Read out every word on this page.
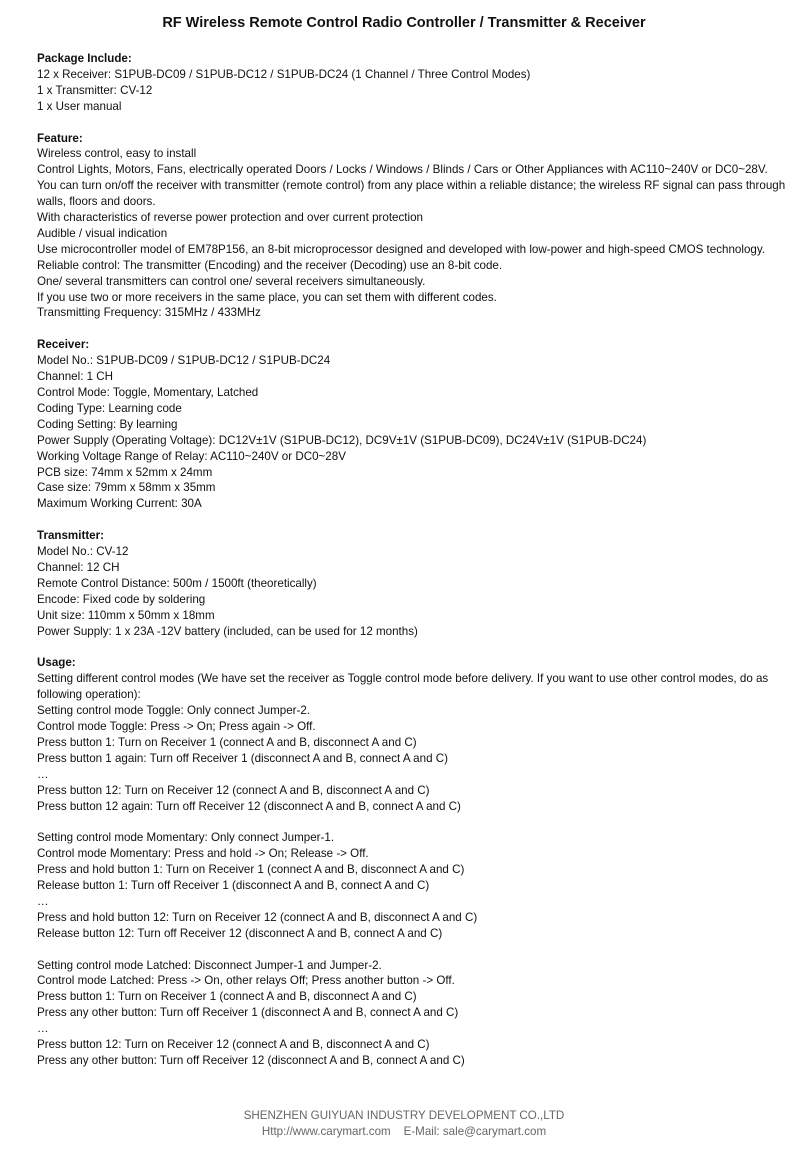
RF Wireless Remote Control Radio Controller / Transmitter & Receiver
Package Include:
12 x Receiver: S1PUB-DC09 / S1PUB-DC12 / S1PUB-DC24 (1 Channel / Three Control Modes)
1 x Transmitter: CV-12
1 x User manual
Feature:
Wireless control, easy to install
Control Lights, Motors, Fans, electrically operated Doors / Locks / Windows / Blinds / Cars or Other Appliances with AC110~240V or DC0~28V.
You can turn on/off the receiver with transmitter (remote control) from any place within a reliable distance; the wireless RF signal can pass through walls, floors and doors.
With characteristics of reverse power protection and over current protection
Audible / visual indication
Use microcontroller model of EM78P156, an 8-bit microprocessor designed and developed with low-power and high-speed CMOS technology.
Reliable control: The transmitter (Encoding) and the receiver (Decoding) use an 8-bit code.
One/ several transmitters can control one/ several receivers simultaneously.
If you use two or more receivers in the same place, you can set them with different codes.
Transmitting Frequency: 315MHz / 433MHz
Receiver:
Model No.: S1PUB-DC09 / S1PUB-DC12 / S1PUB-DC24
Channel: 1 CH
Control Mode: Toggle, Momentary, Latched
Coding Type: Learning code
Coding Setting: By learning
Power Supply (Operating Voltage): DC12V±1V (S1PUB-DC12), DC9V±1V (S1PUB-DC09), DC24V±1V (S1PUB-DC24)
Working Voltage Range of Relay: AC110~240V or DC0~28V
PCB size: 74mm x 52mm x 24mm
Case size: 79mm x 58mm x 35mm
Maximum Working Current: 30A
Transmitter:
Model No.: CV-12
Channel: 12 CH
Remote Control Distance: 500m / 1500ft (theoretically)
Encode: Fixed code by soldering
Unit size: 110mm x 50mm x 18mm
Power Supply: 1 x 23A -12V battery (included, can be used for 12 months)
Usage:
Setting different control modes (We have set the receiver as Toggle control mode before delivery. If you want to use other control modes, do as following operation):
Setting control mode Toggle: Only connect Jumper-2.
Control mode Toggle: Press -> On; Press again -> Off.
Press button 1: Turn on Receiver 1 (connect A and B, disconnect A and C)
Press button 1 again: Turn off Receiver 1 (disconnect A and B, connect A and C)
…
Press button 12: Turn on Receiver 12 (connect A and B, disconnect A and C)
Press button 12 again: Turn off Receiver 12 (disconnect A and B, connect A and C)
Setting control mode Momentary: Only connect Jumper-1.
Control mode Momentary: Press and hold -> On; Release -> Off.
Press and hold button 1: Turn on Receiver 1 (connect A and B, disconnect A and C)
Release button 1: Turn off Receiver 1 (disconnect A and B, connect A and C)
…
Press and hold button 12: Turn on Receiver 12 (connect A and B, disconnect A and C)
Release button 12: Turn off Receiver 12 (disconnect A and B, connect A and C)
Setting control mode Latched: Disconnect Jumper-1 and Jumper-2.
Control mode Latched: Press -> On, other relays Off; Press another button -> Off.
Press button 1: Turn on Receiver 1 (connect A and B, disconnect A and C)
Press any other button: Turn off Receiver 1 (disconnect A and B, connect A and C)
…
Press button 12: Turn on Receiver 12 (connect A and B, disconnect A and C)
Press any other button: Turn off Receiver 12 (disconnect A and B, connect A and C)
SHENZHEN GUIYUAN INDUSTRY DEVELOPMENT CO.,LTD
Http://www.carymart.com    E-Mail: sale@carymart.com
